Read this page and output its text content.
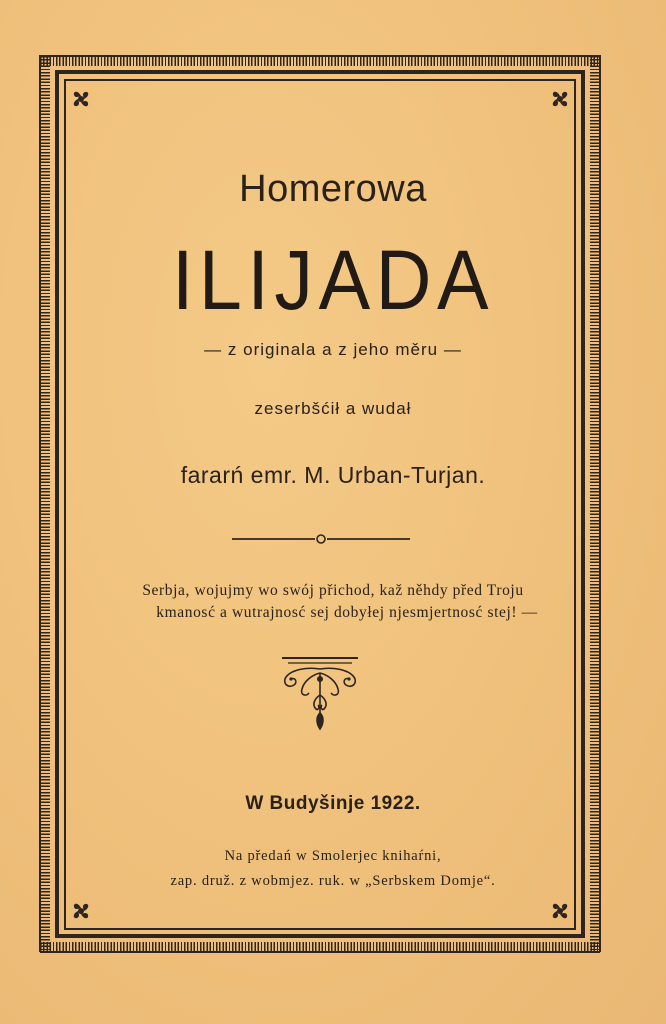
Homerowa
ILIJADA
— z originala a z jeho měru —
zeserbšćił a wudał
fararń emr. M. Urban-Turjan.
Serbja, wojujmy wo swój přichod, kaž něhdy před Troju

kmanosć a wutrajnosć sej dobyłej njesmjertnosć stej! —
W Budyšinje 1922.
Na předań w Smolerjec knihaŕni,
zap. druž. z wobmjez. ruk. w „Serbskem Domje“.
